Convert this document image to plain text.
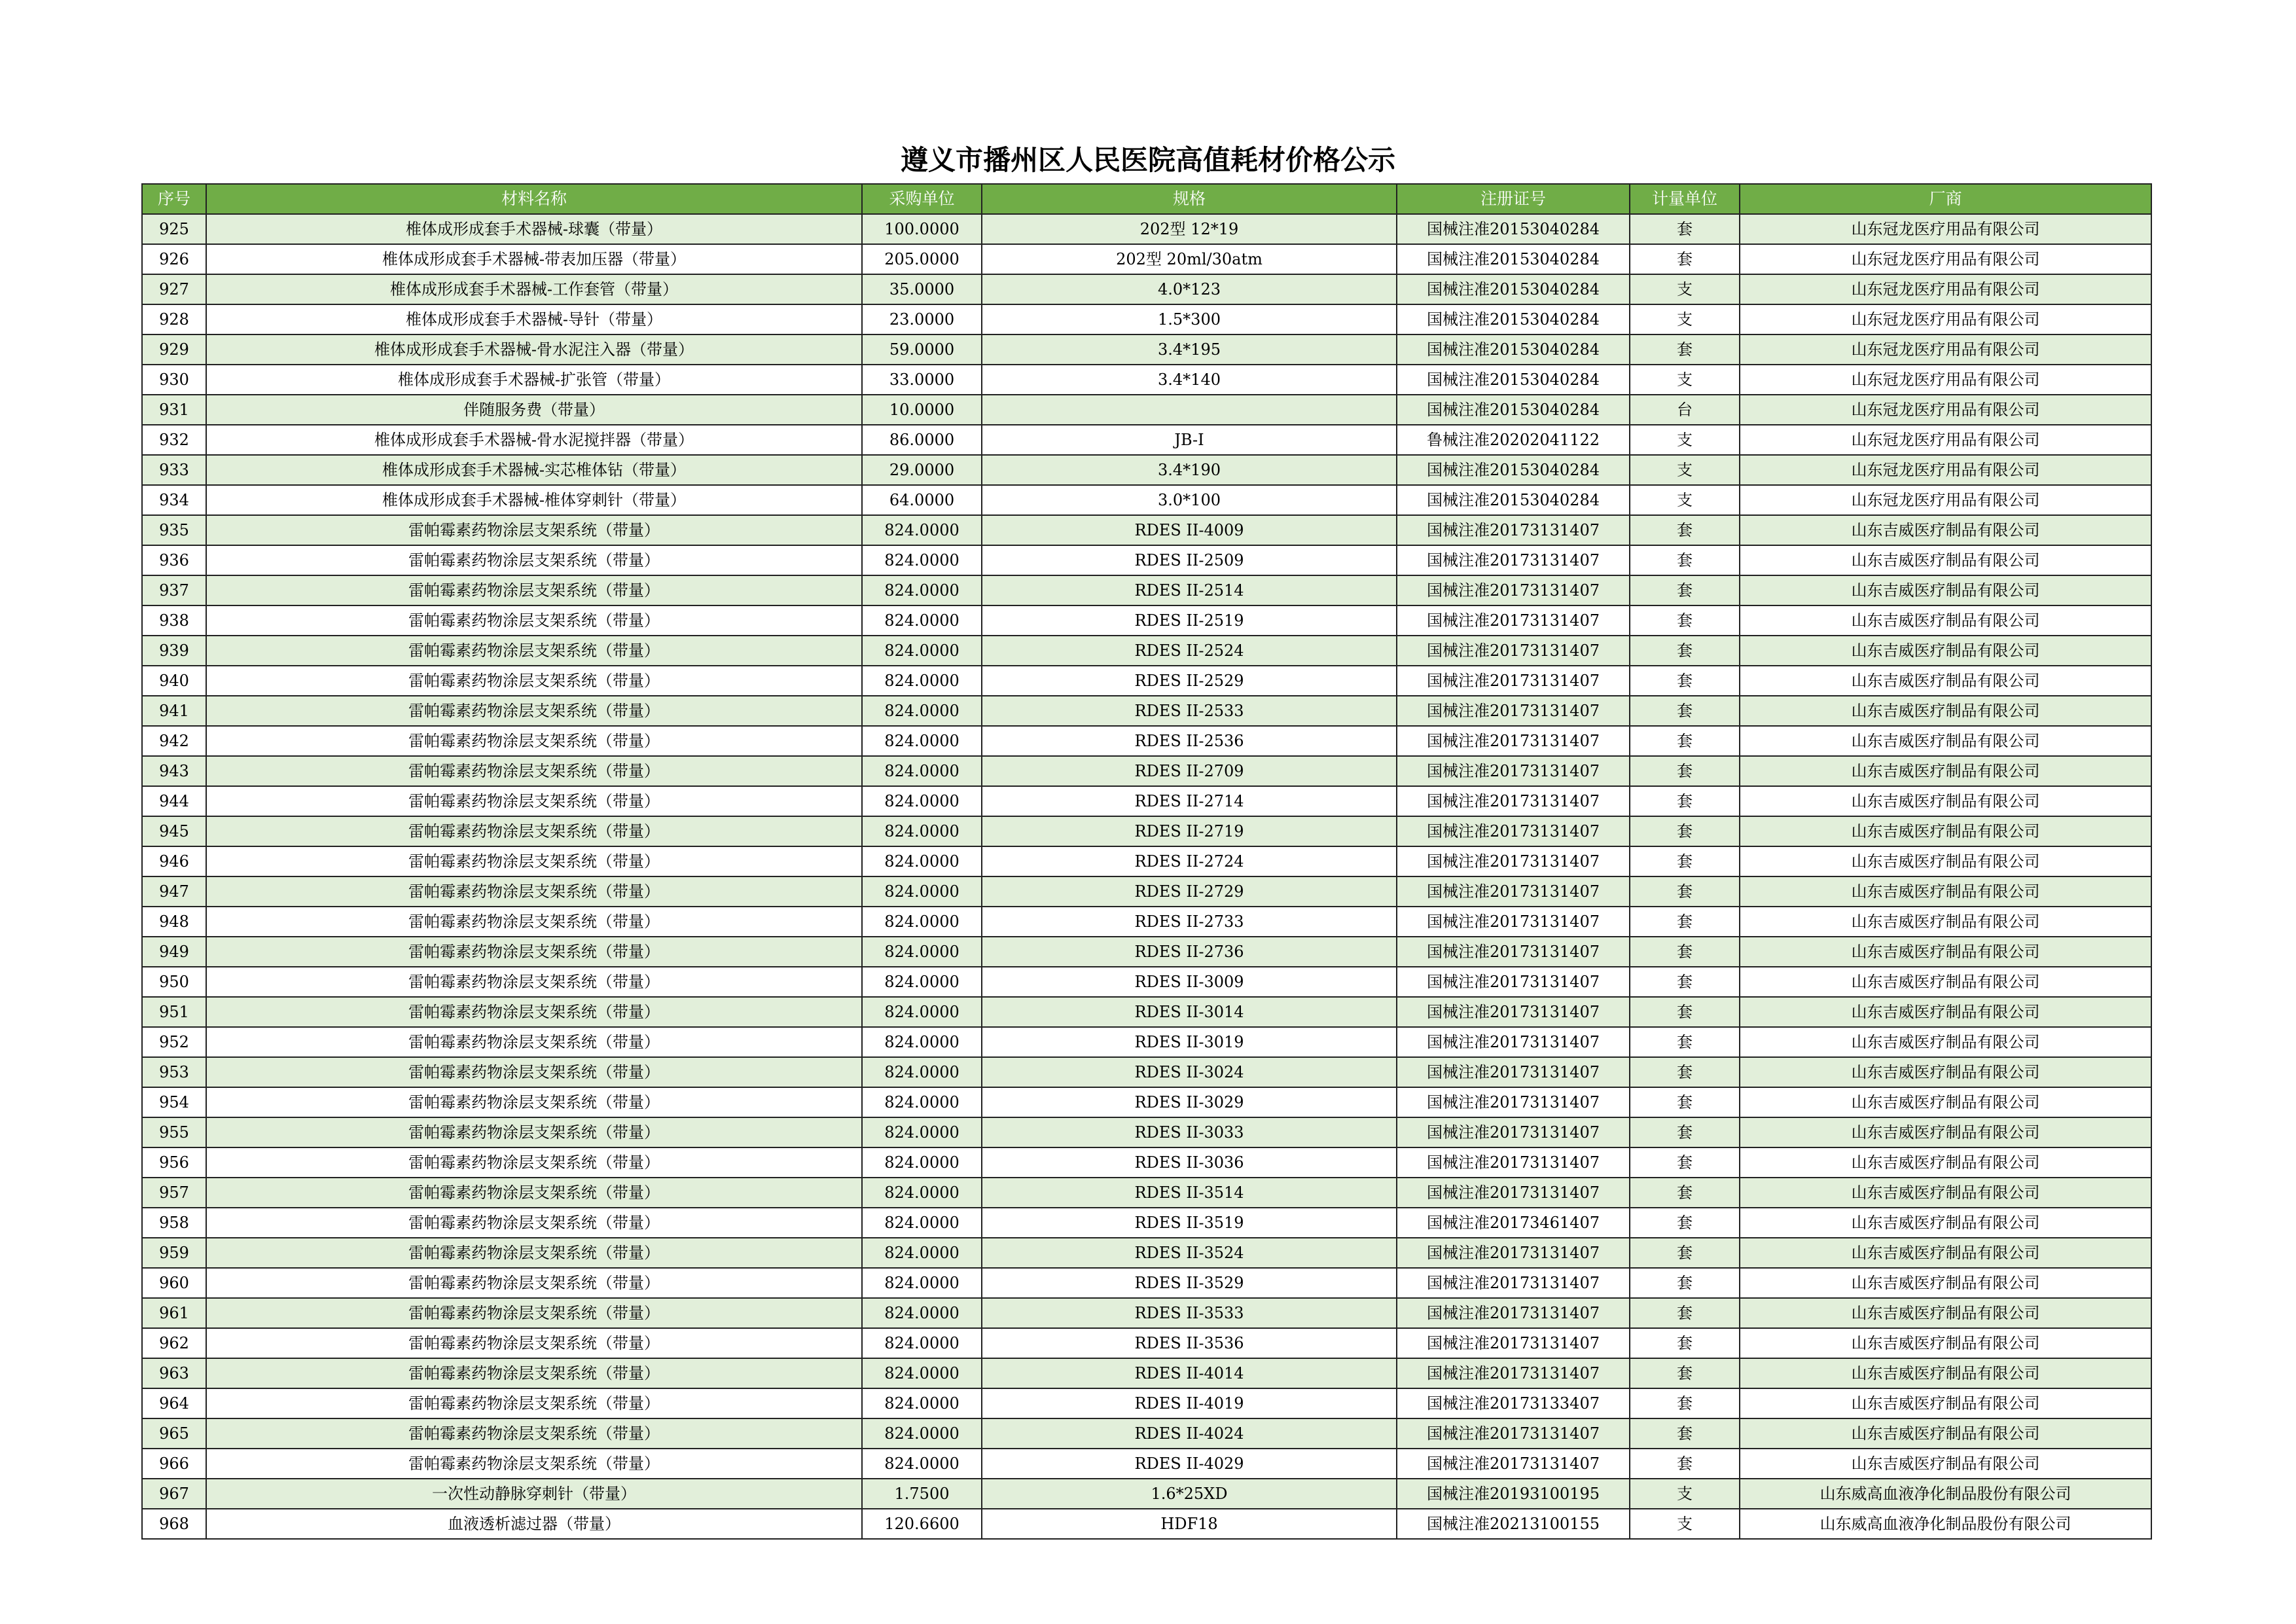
遵义市播州区人民医院高值耗材价格公示
序号	材料名称	采购单位	规格	注册证号	计量单位	厂商
925	椎体成形成套手术器械-球囊（带量）	100.0000	202型 12*19	国械注准20153040284	套	山东冠龙医疗用品有限公司
926	椎体成形成套手术器械-带表加压器（带量）	205.0000	202型 20ml/30atm	国械注准20153040284	套	山东冠龙医疗用品有限公司
927	椎体成形成套手术器械-工作套管（带量）	35.0000	4.0*123	国械注准20153040284	支	山东冠龙医疗用品有限公司
928	椎体成形成套手术器械-导针（带量）	23.0000	1.5*300	国械注准20153040284	支	山东冠龙医疗用品有限公司
929	椎体成形成套手术器械-骨水泥注入器（带量）	59.0000	3.4*195	国械注准20153040284	套	山东冠龙医疗用品有限公司
930	椎体成形成套手术器械-扩张管（带量）	33.0000	3.4*140	国械注准20153040284	支	山东冠龙医疗用品有限公司
931	伴随服务费（带量）	10.0000		国械注准20153040284	台	山东冠龙医疗用品有限公司
932	椎体成形成套手术器械-骨水泥搅拌器（带量）	86.0000	JB-I	鲁械注准20202041122	支	山东冠龙医疗用品有限公司
933	椎体成形成套手术器械-实芯椎体钻（带量）	29.0000	3.4*190	国械注准20153040284	支	山东冠龙医疗用品有限公司
934	椎体成形成套手术器械-椎体穿刺针（带量）	64.0000	3.0*100	国械注准20153040284	支	山东冠龙医疗用品有限公司
935	雷帕霉素药物涂层支架系统（带量）	824.0000	RDES II-4009	国械注准20173131407	套	山东吉威医疗制品有限公司
936	雷帕霉素药物涂层支架系统（带量）	824.0000	RDES II-2509	国械注准20173131407	套	山东吉威医疗制品有限公司
937	雷帕霉素药物涂层支架系统（带量）	824.0000	RDES II-2514	国械注准20173131407	套	山东吉威医疗制品有限公司
938	雷帕霉素药物涂层支架系统（带量）	824.0000	RDES II-2519	国械注准20173131407	套	山东吉威医疗制品有限公司
939	雷帕霉素药物涂层支架系统（带量）	824.0000	RDES II-2524	国械注准20173131407	套	山东吉威医疗制品有限公司
940	雷帕霉素药物涂层支架系统（带量）	824.0000	RDES II-2529	国械注准20173131407	套	山东吉威医疗制品有限公司
941	雷帕霉素药物涂层支架系统（带量）	824.0000	RDES II-2533	国械注准20173131407	套	山东吉威医疗制品有限公司
942	雷帕霉素药物涂层支架系统（带量）	824.0000	RDES II-2536	国械注准20173131407	套	山东吉威医疗制品有限公司
943	雷帕霉素药物涂层支架系统（带量）	824.0000	RDES II-2709	国械注准20173131407	套	山东吉威医疗制品有限公司
944	雷帕霉素药物涂层支架系统（带量）	824.0000	RDES II-2714	国械注准20173131407	套	山东吉威医疗制品有限公司
945	雷帕霉素药物涂层支架系统（带量）	824.0000	RDES II-2719	国械注准20173131407	套	山东吉威医疗制品有限公司
946	雷帕霉素药物涂层支架系统（带量）	824.0000	RDES II-2724	国械注准20173131407	套	山东吉威医疗制品有限公司
947	雷帕霉素药物涂层支架系统（带量）	824.0000	RDES II-2729	国械注准20173131407	套	山东吉威医疗制品有限公司
948	雷帕霉素药物涂层支架系统（带量）	824.0000	RDES II-2733	国械注准20173131407	套	山东吉威医疗制品有限公司
949	雷帕霉素药物涂层支架系统（带量）	824.0000	RDES II-2736	国械注准20173131407	套	山东吉威医疗制品有限公司
950	雷帕霉素药物涂层支架系统（带量）	824.0000	RDES II-3009	国械注准20173131407	套	山东吉威医疗制品有限公司
951	雷帕霉素药物涂层支架系统（带量）	824.0000	RDES II-3014	国械注准20173131407	套	山东吉威医疗制品有限公司
952	雷帕霉素药物涂层支架系统（带量）	824.0000	RDES II-3019	国械注准20173131407	套	山东吉威医疗制品有限公司
953	雷帕霉素药物涂层支架系统（带量）	824.0000	RDES II-3024	国械注准20173131407	套	山东吉威医疗制品有限公司
954	雷帕霉素药物涂层支架系统（带量）	824.0000	RDES II-3029	国械注准20173131407	套	山东吉威医疗制品有限公司
955	雷帕霉素药物涂层支架系统（带量）	824.0000	RDES II-3033	国械注准20173131407	套	山东吉威医疗制品有限公司
956	雷帕霉素药物涂层支架系统（带量）	824.0000	RDES II-3036	国械注准20173131407	套	山东吉威医疗制品有限公司
957	雷帕霉素药物涂层支架系统（带量）	824.0000	RDES II-3514	国械注准20173131407	套	山东吉威医疗制品有限公司
958	雷帕霉素药物涂层支架系统（带量）	824.0000	RDES II-3519	国械注准20173461407	套	山东吉威医疗制品有限公司
959	雷帕霉素药物涂层支架系统（带量）	824.0000	RDES II-3524	国械注准20173131407	套	山东吉威医疗制品有限公司
960	雷帕霉素药物涂层支架系统（带量）	824.0000	RDES II-3529	国械注准20173131407	套	山东吉威医疗制品有限公司
961	雷帕霉素药物涂层支架系统（带量）	824.0000	RDES II-3533	国械注准20173131407	套	山东吉威医疗制品有限公司
962	雷帕霉素药物涂层支架系统（带量）	824.0000	RDES II-3536	国械注准20173131407	套	山东吉威医疗制品有限公司
963	雷帕霉素药物涂层支架系统（带量）	824.0000	RDES II-4014	国械注准20173131407	套	山东吉威医疗制品有限公司
964	雷帕霉素药物涂层支架系统（带量）	824.0000	RDES II-4019	国械注准20173133407	套	山东吉威医疗制品有限公司
965	雷帕霉素药物涂层支架系统（带量）	824.0000	RDES II-4024	国械注准20173131407	套	山东吉威医疗制品有限公司
966	雷帕霉素药物涂层支架系统（带量）	824.0000	RDES II-4029	国械注准20173131407	套	山东吉威医疗制品有限公司
967	一次性动静脉穿刺针（带量）	1.7500	1.6*25XD	国械注准20193100195	支	山东威高血液净化制品股份有限公司
968	血液透析滤过器（带量）	120.6600	HDF18	国械注准20213100155	支	山东威高血液净化制品股份有限公司
